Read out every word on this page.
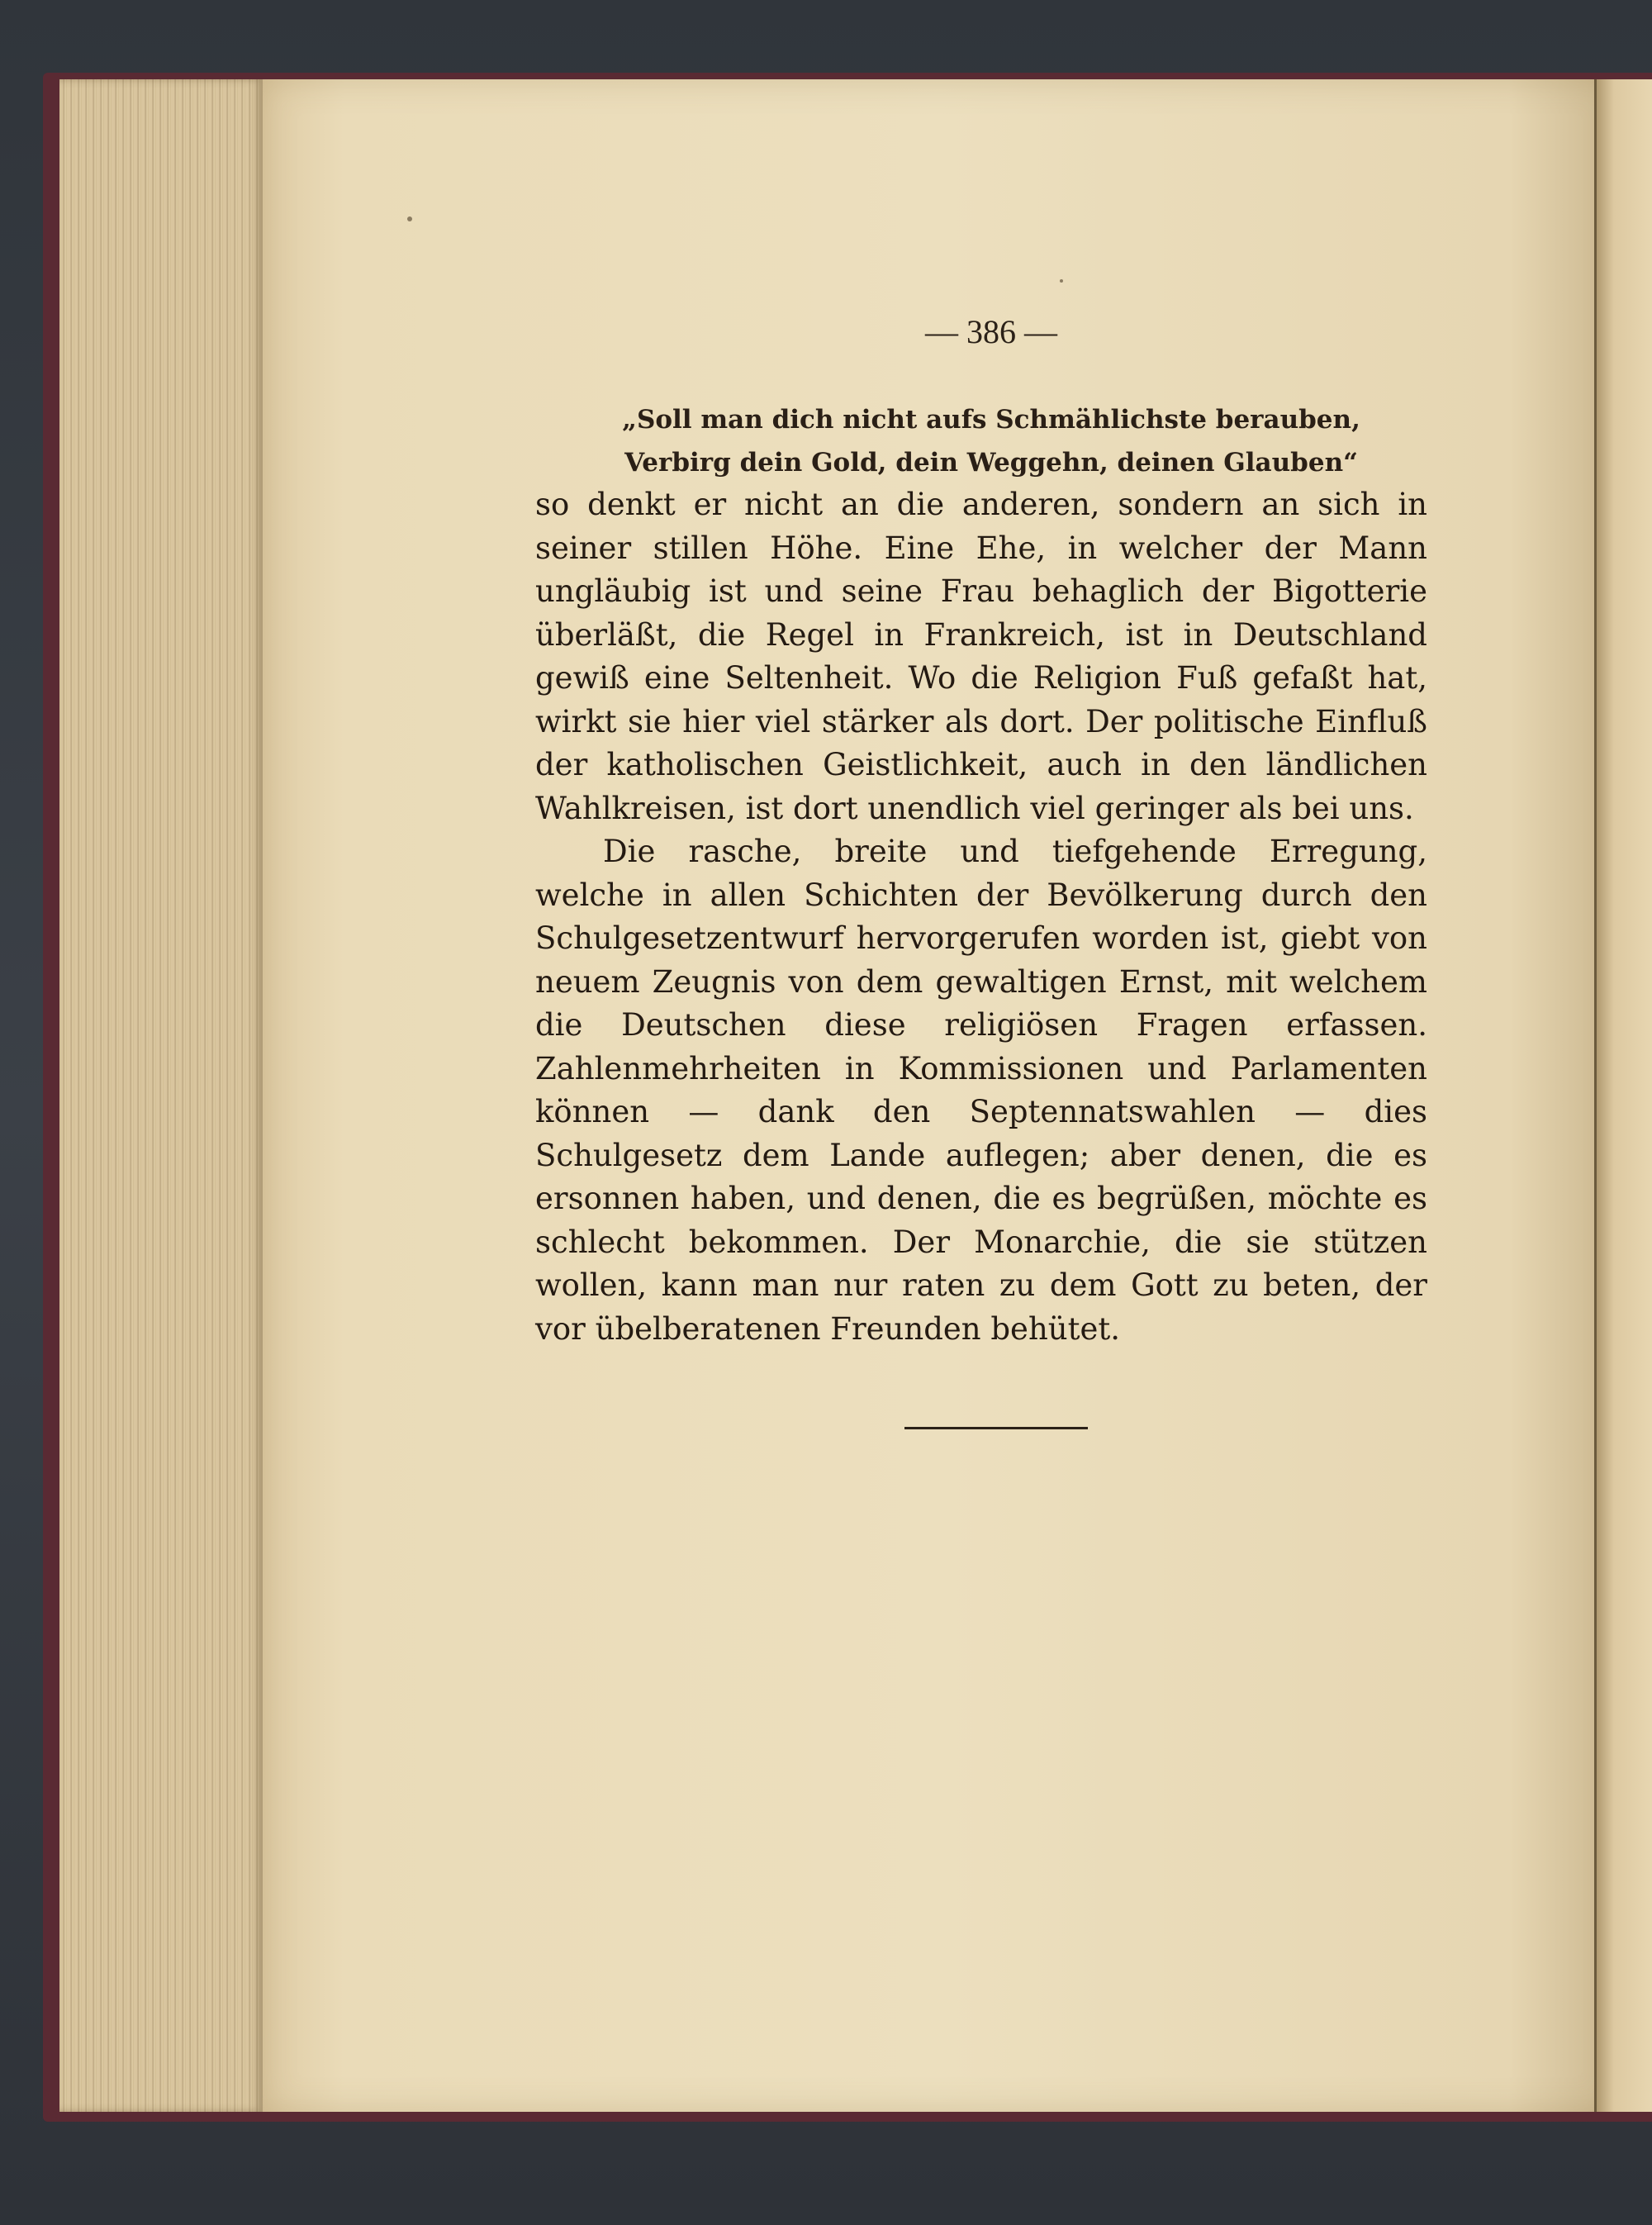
— 386 —
„Soll man dich nicht aufs Schmählichste berauben,
Verbirg dein Gold, dein Weggehn, deinen Glauben“

so denkt er nicht an die anderen, sondern an sich in seiner stillen Höhe. Eine Ehe, in welcher der Mann ungläubig ist und seine Frau behaglich der Bigotterie überläßt, die Regel in Frankreich, ist in Deutschland gewiß eine Seltenheit. Wo die Religion Fuß gefaßt hat, wirkt sie hier viel stärker als dort. Der politische Einfluß der katholischen Geistlichkeit, auch in den ländlichen Wahlkreisen, ist dort unendlich viel geringer als bei uns.

Die rasche, breite und tiefgehende Erregung, welche in allen Schichten der Bevölkerung durch den Schulgesetzentwurf hervorgerufen worden ist, giebt von neuem Zeugnis von dem gewaltigen Ernst, mit welchem die Deutschen diese religiösen Fragen erfassen. Zahlenmehrheiten in Kommissionen und Parlamenten können — dank den Septennatswahlen — dies Schulgesetz dem Lande auflegen; aber denen, die es ersonnen haben, und denen, die es begrüßen, möchte es schlecht bekommen. Der Monarchie, die sie stützen wollen, kann man nur raten zu dem Gott zu beten, der vor übelberatenen Freunden behütet.
